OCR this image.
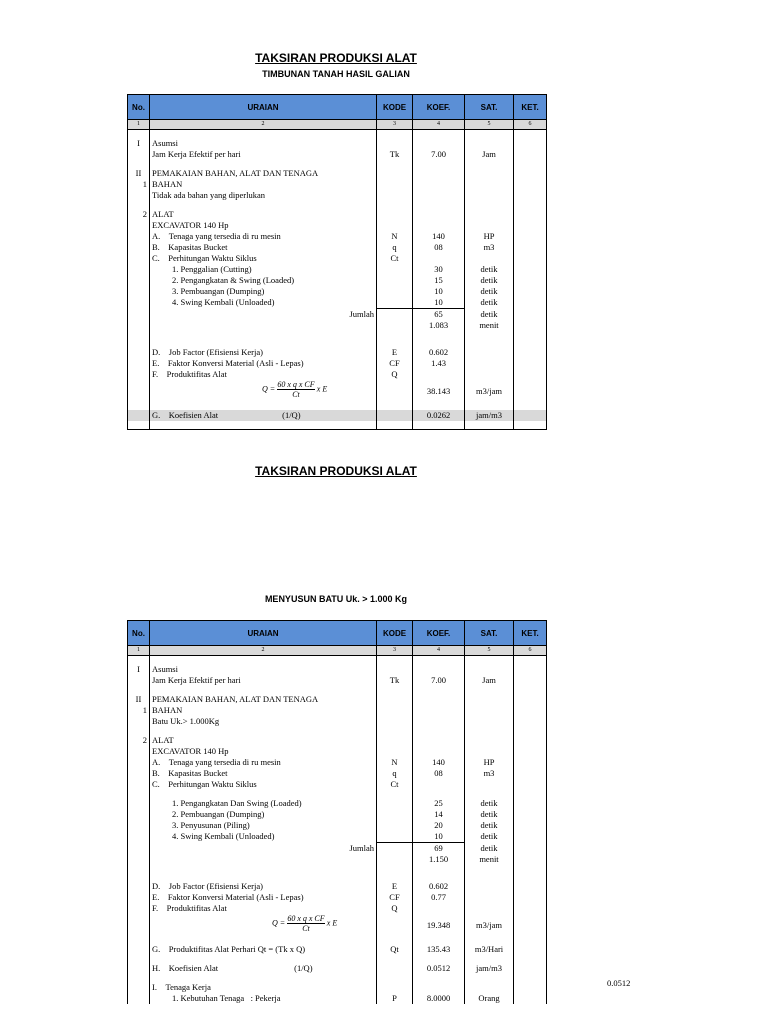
TAKSIRAN PRODUKSI ALAT
TIMBUNAN TANAH HASIL GALIAN
No.	URAIAN	KODE	KOEF.	SAT.	KET.
1	2	3	4	5	6

I	Asumsi				
	Jam Kerja Efektif per hari	Tk	7.00	Jam	

II	PEMAKAIAN BAHAN, ALAT DAN TENAGA				
1	BAHAN				
	Tidak ada bahan yang diperlukan				

2	ALAT				
	EXCAVATOR 140 Hp				
	A. Tenaga yang tersedia di ru mesin	N	140	HP	
	B. Kapasitas Bucket	q	08	m3	
	C. Perhitungan Waktu Siklus	Ct			
	1. Penggalian (Cutting)		30	detik	
	2. Pengangkatan & Swing (Loaded)		15	detik	
	3. Pembuangan (Dumping)		10	detik	
	4. Swing Kembali (Unloaded)		10	detik	
	Jumlah		65	detik	
			1.083	menit	

	D. Job Factor (Efisiensi Kerja)	E	0.602		
	E. Faktor Konversi Material (Asli - Lepas)	CF	1.43		
	F. Produktifitas Alat	Q			
	$Q = \frac{\text{60 x q x CF}}{Ct}$ x E		38.143	m3/jam	

	G. Koefisien Alat (1/Q)		0.0262	jam/m3	

TAKSIRAN PRODUKSI ALAT
MENYUSUN BATU Uk. > 1.000 Kg
No.	URAIAN	KODE	KOEF.	SAT.	KET.
1	2	3	4	5	6

I	Asumsi				
	Jam Kerja Efektif per hari	Tk	7.00	Jam	

II	PEMAKAIAN BAHAN, ALAT DAN TENAGA				
1	BAHAN				
	Batu Uk.> 1.000Kg				

2	ALAT				
	EXCAVATOR 140 Hp				
	A. Tenaga yang tersedia di ru mesin	N	140	HP	
	B. Kapasitas Bucket	q	08	m3	
	C. Perhitungan Waktu Siklus	Ct			

	1. Pengangkatan Dan Swing (Loaded)		25	detik	
	2. Pembuangan (Dumping)		14	detik	
	3. Penyusunan (Piling)		20	detik	
	4. Swing Kembali (Unloaded)		10	detik	
	Jumlah		69	detik	
			1.150	menit	

	D. Job Factor (Efisiensi Kerja)	E	0.602		
	E. Faktor Konversi Material (Asli - Lepas)	CF	0.77		
	F. Produktifitas Alat	Q			
	$Q = \frac{\text{60 x q x CF}}{Ct}$ x E		19.348	m3/jam	

	G. Produktifitas Alat Perhari Qt = (Tk x Q)	Qt	135.43	m3/Hari	

	H. Koefisien Alat (1/Q)		0.0512	jam/m3	

	I. Tenaga Kerja				
	1. Kebutuhan Tenaga : Pekerja	P	8.0000	Orang	
0.0512
